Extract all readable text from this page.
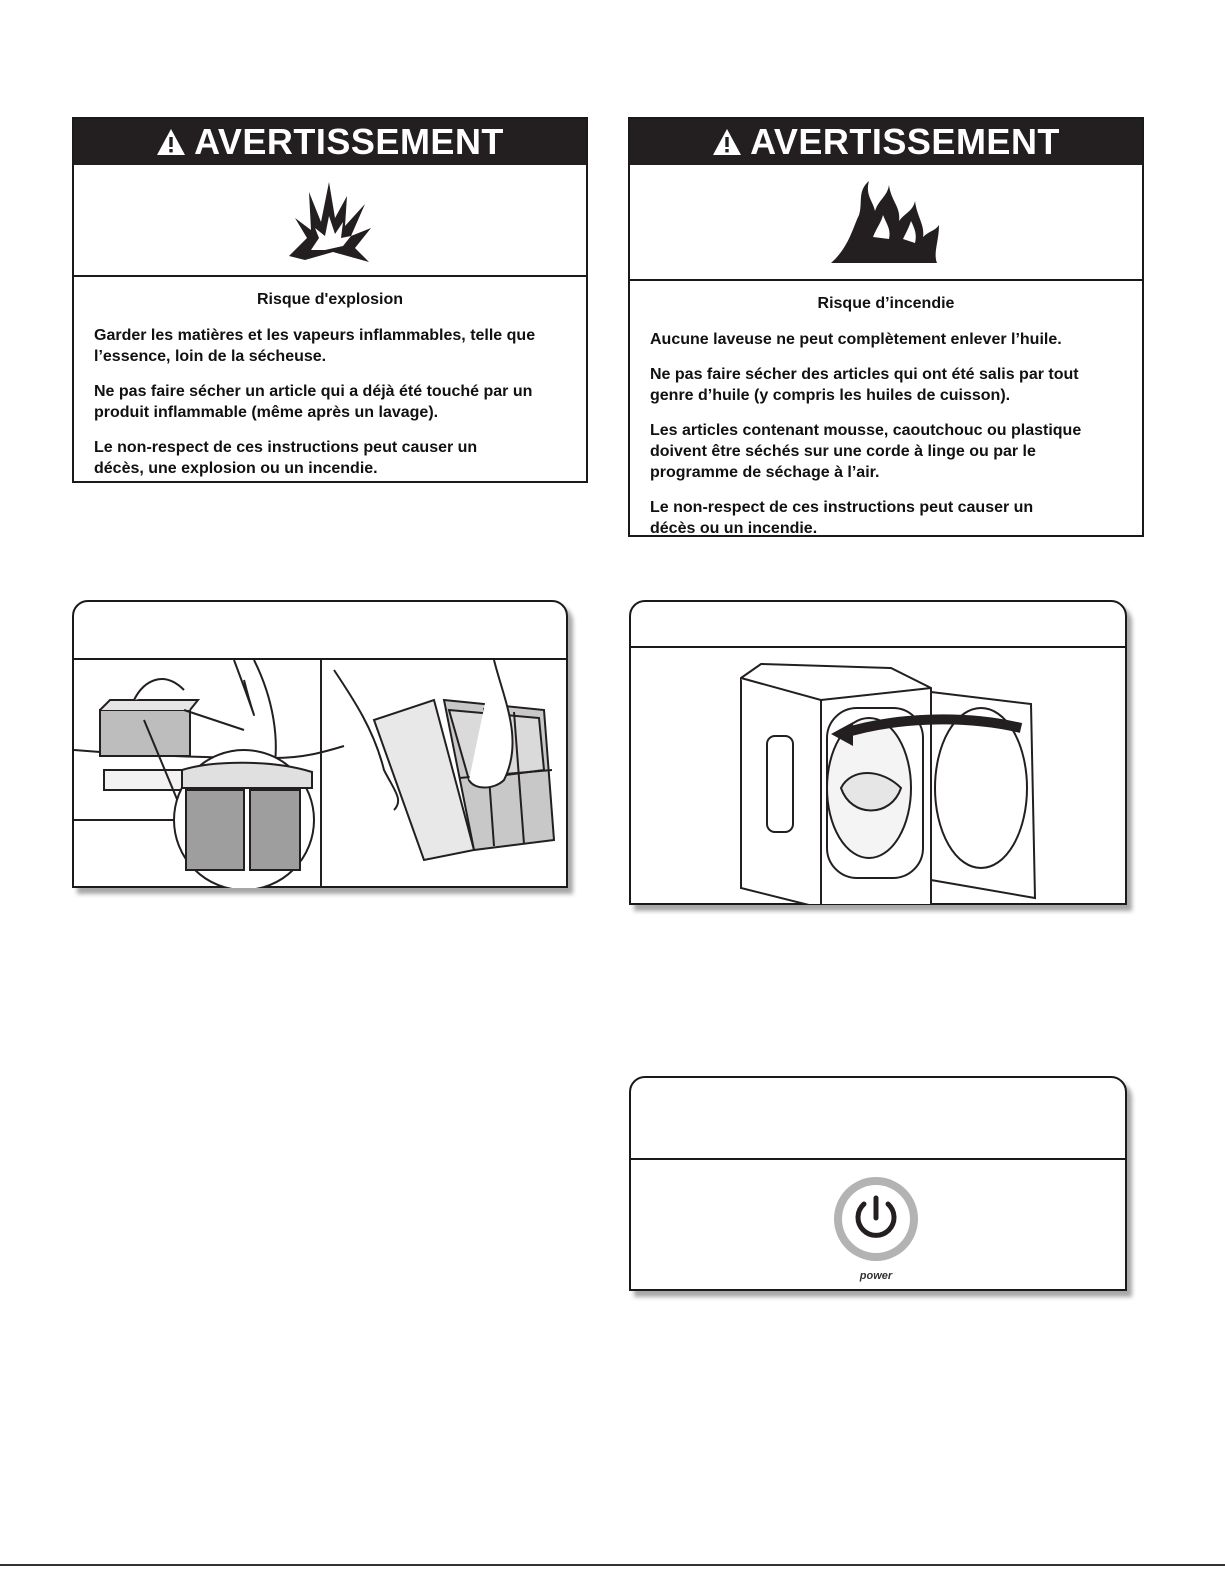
AVERTISSEMENT
Risque d'explosion

Garder les matières et les vapeurs inflammables, telle que l’essence, loin de la sécheuse.

Ne pas faire sécher un article qui a déjà été touché par un produit inflammable (même après un lavage).

Le non-respect de ces instructions peut causer un décès, une explosion ou un incendie.

AVERTISSEMENT
Risque d’incendie

Aucune laveuse ne peut complètement enlever l’huile.

Ne pas faire sécher des articles qui ont été salis par tout genre d’huile (y compris les huiles de cuisson).

Les articles contenant mousse, caoutchouc ou plastique doivent être séchés sur une corde à linge ou par le programme de séchage à l’air.

Le non-respect de ces instructions peut causer un décès ou un incendie.

power
